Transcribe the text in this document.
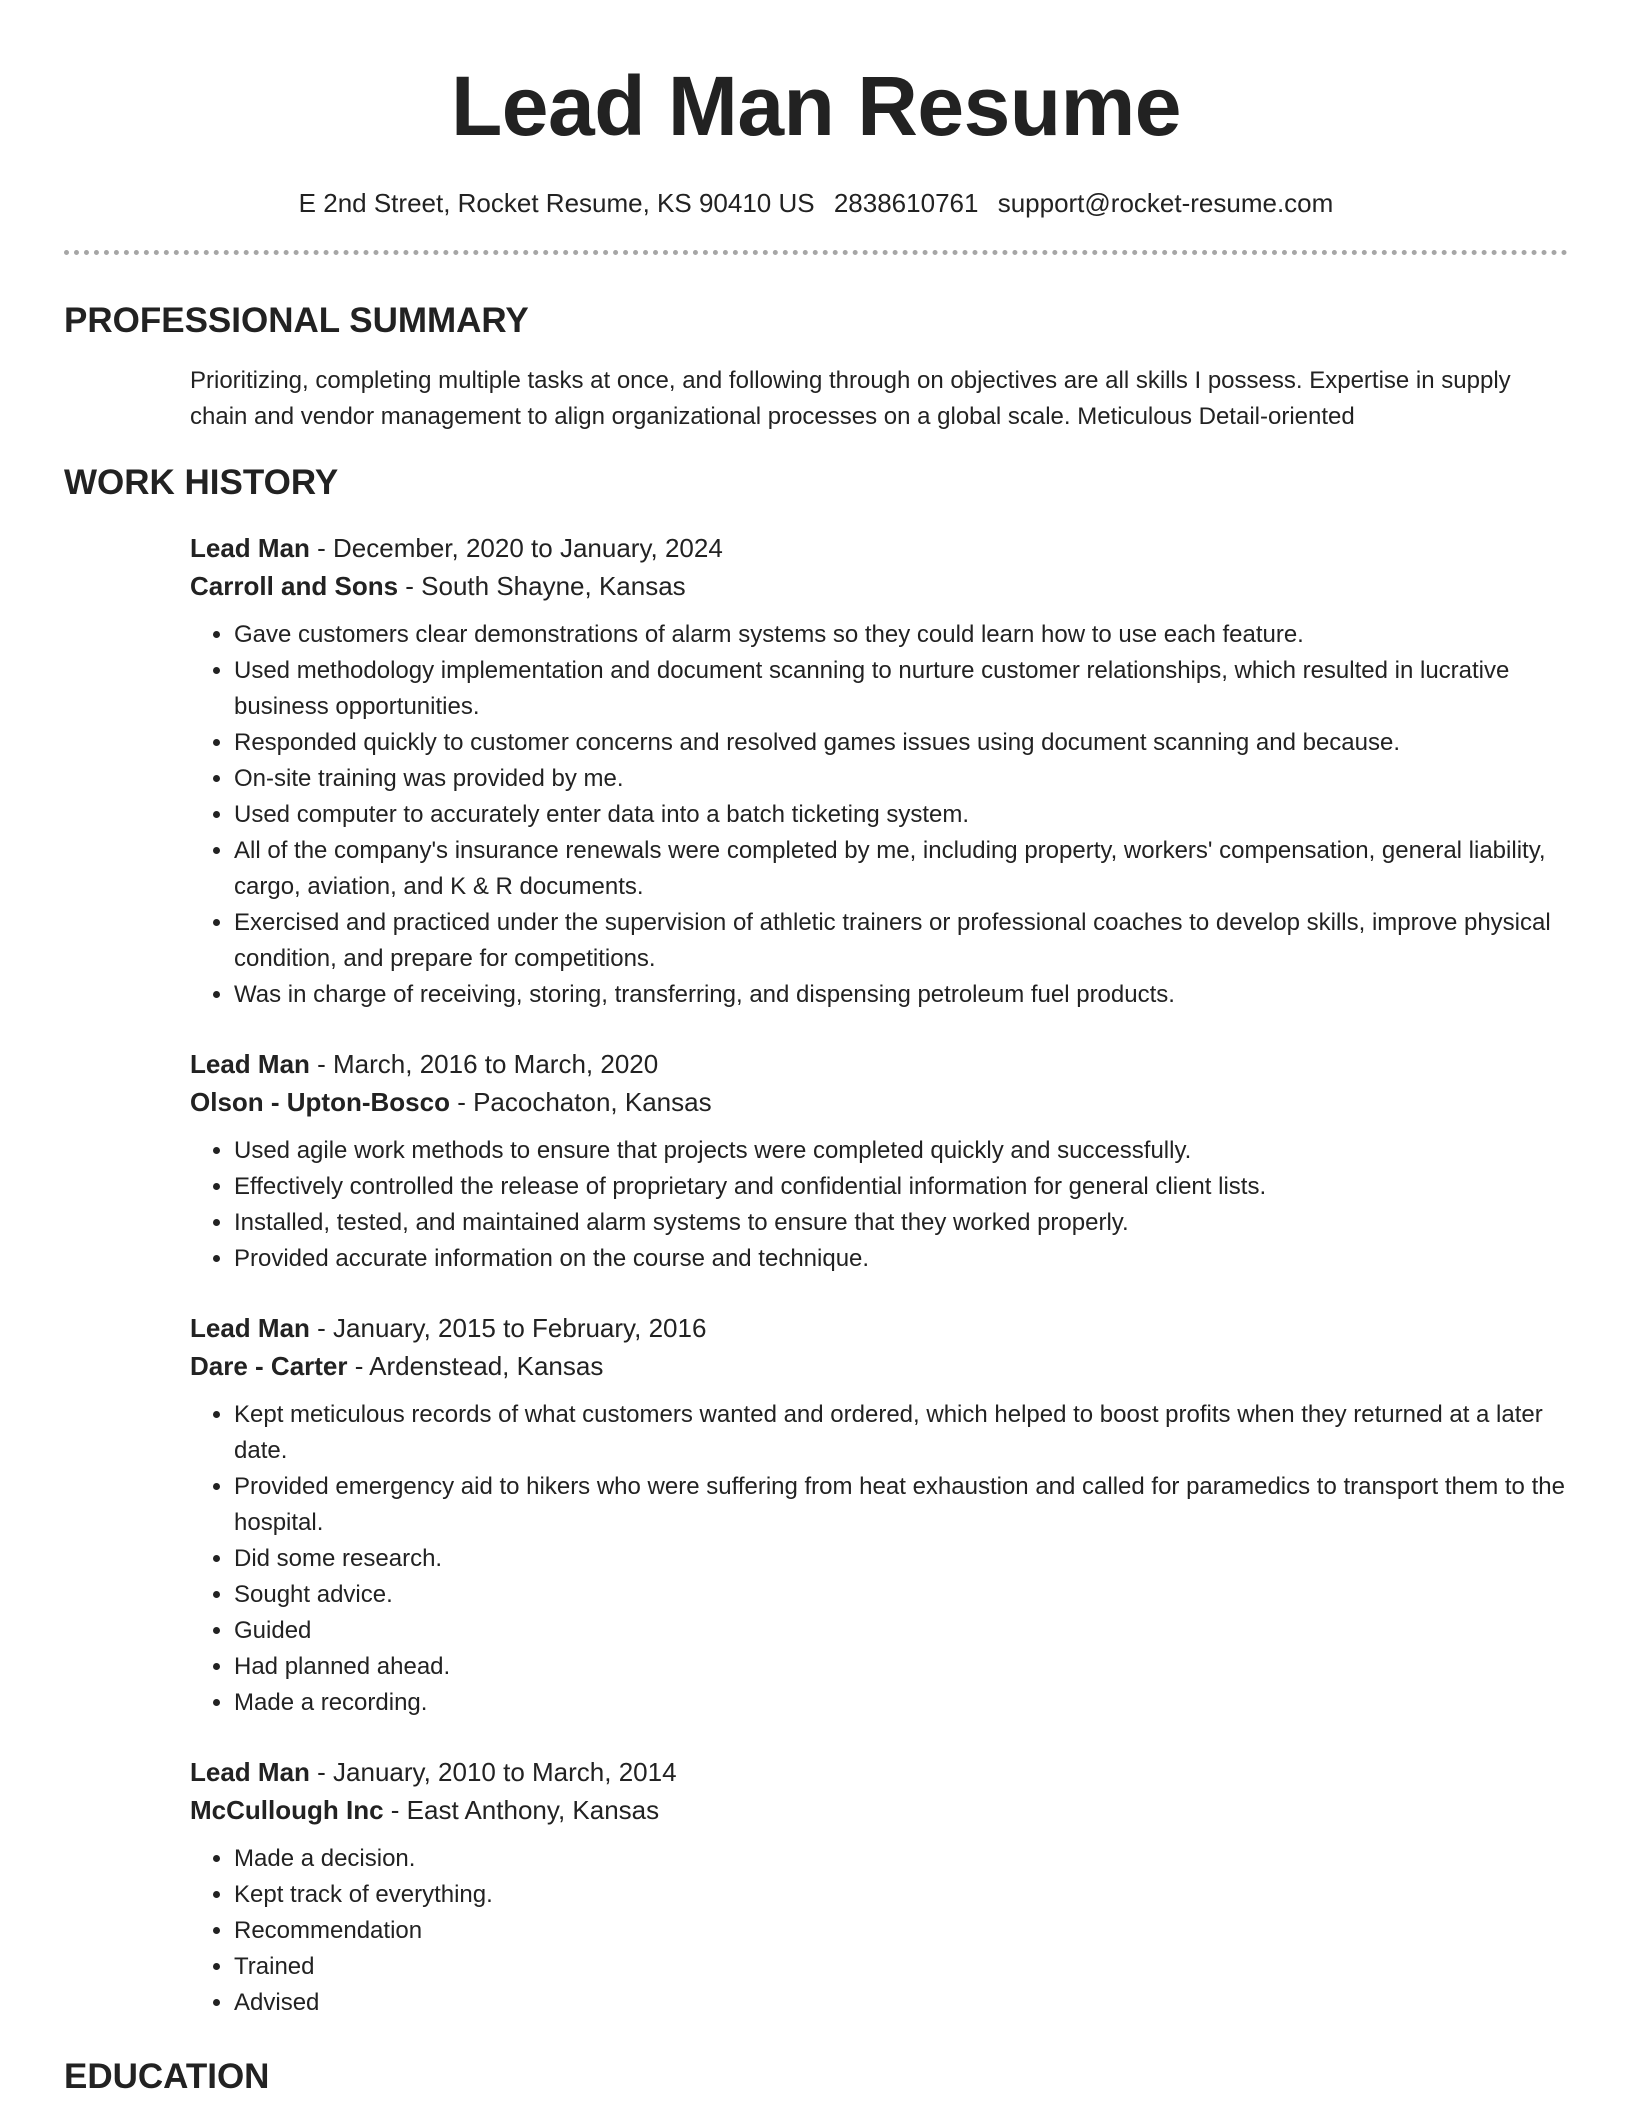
Lead Man Resume
E 2nd Street, Rocket Resume, KS 90410 US 2838610761 support@rocket-resume.com
PROFESSIONAL SUMMARY

Prioritizing, completing multiple tasks at once, and following through on objectives are all skills I possess. Expertise in supply chain and vendor management to align organizational processes on a global scale. Meticulous Detail-oriented

WORK HISTORY
Lead Man - December, 2020 to January, 2024
Carroll and Sons - South Shayne, Kansas
• Gave customers clear demonstrations of alarm systems so they could learn how to use each feature.
• Used methodology implementation and document scanning to nurture customer relationships, which resulted in lucrative business opportunities.
• Responded quickly to customer concerns and resolved games issues using document scanning and because.
• On-site training was provided by me.
• Used computer to accurately enter data into a batch ticketing system.
• All of the company's insurance renewals were completed by me, including property, workers' compensation, general liability, cargo, aviation, and K & R documents.
• Exercised and practiced under the supervision of athletic trainers or professional coaches to develop skills, improve physical condition, and prepare for competitions.
• Was in charge of receiving, storing, transferring, and dispensing petroleum fuel products.
Lead Man - March, 2016 to March, 2020
Olson - Upton-Bosco - Pacochaton, Kansas
• Used agile work methods to ensure that projects were completed quickly and successfully.
• Effectively controlled the release of proprietary and confidential information for general client lists.
• Installed, tested, and maintained alarm systems to ensure that they worked properly.
• Provided accurate information on the course and technique.
Lead Man - January, 2015 to February, 2016
Dare - Carter - Ardenstead, Kansas
• Kept meticulous records of what customers wanted and ordered, which helped to boost profits when they returned at a later date.
• Provided emergency aid to hikers who were suffering from heat exhaustion and called for paramedics to transport them to the hospital.
• Did some research.
• Sought advice.
• Guided
• Had planned ahead.
• Made a recording.
Lead Man - January, 2010 to March, 2014
McCullough Inc - East Anthony, Kansas
• Made a decision.
• Kept track of everything.
• Recommendation
• Trained
• Advised
EDUCATION
